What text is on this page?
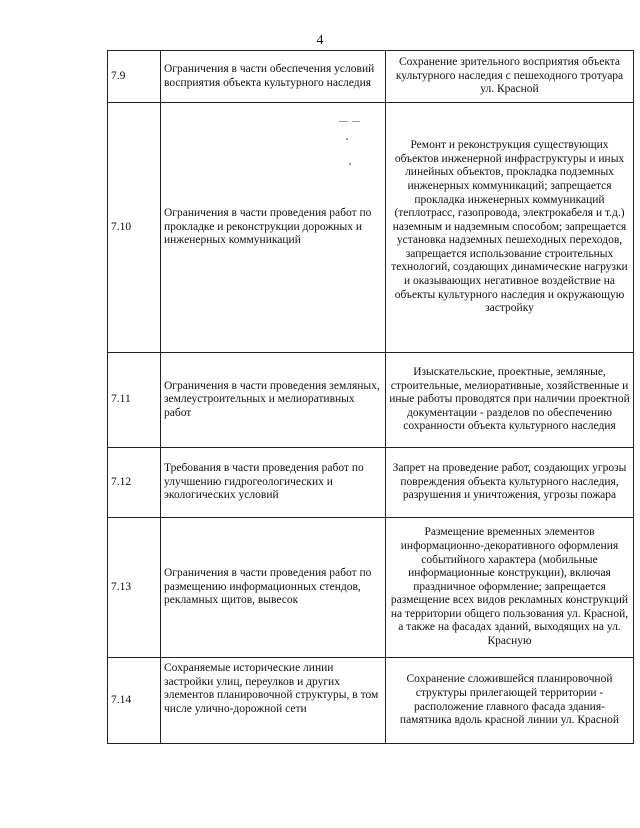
4
7.9	Ограничения в части обеспечения условий восприятия объекта культурного наследия	Сохранение зрительного восприятия объекта культурного наследия с пешеходного тротуара ул. Красной
7.10	Ограничения в части проведения работ по прокладке и реконструкции дорожных и инженерных коммуникаций	Ремонт и реконструкция существующих объектов инженерной инфраструктуры и иных линейных объектов, прокладка подземных инженерных коммуникаций; запрещается прокладка инженерных коммуникаций (теплотрасс, газопровода, электрокабеля и т.д.) наземным и надземным способом; запрещается установка надземных пешеходных переходов, запрещается использование строительных технологий, создающих динамические нагрузки и оказывающих негативное воздействие на объекты культурного наследия и окружающую застройку
7.11	Ограничения в части проведения земляных, землеустроительных и мелиоративных работ	Изыскательские, проектные, земляные, строительные, мелиоративные, хозяйственные и иные работы проводятся при наличии проектной документации - разделов по обеспечению сохранности объекта культурного наследия
7.12	Требования в части проведения работ по улучшению гидрогеологических и экологических условий	Запрет на проведение работ, создающих угрозы повреждения объекта культурного наследия, разрушения и уничтожения, угрозы пожара
7.13	Ограничения в части проведения работ по размещению информационных стендов, рекламных щитов, вывесок	Размещение временных элементов информационно-декоративного оформления событийного характера (мобильные информационные конструкции), включая праздничное оформление; запрещается размещение всех видов рекламных конструкций на территории общего пользования ул. Красной, а также на фасадах зданий, выходящих на ул. Красную
7.14	Сохраняемые исторические линии застройки улиц, переулков и других элементов планировочной структуры, в том числе улично-дорожной сети	Сохранение сложившейся планировочной структуры прилегающей территории - расположение главного фасада здания-памятника вдоль красной линии ул. Красной
